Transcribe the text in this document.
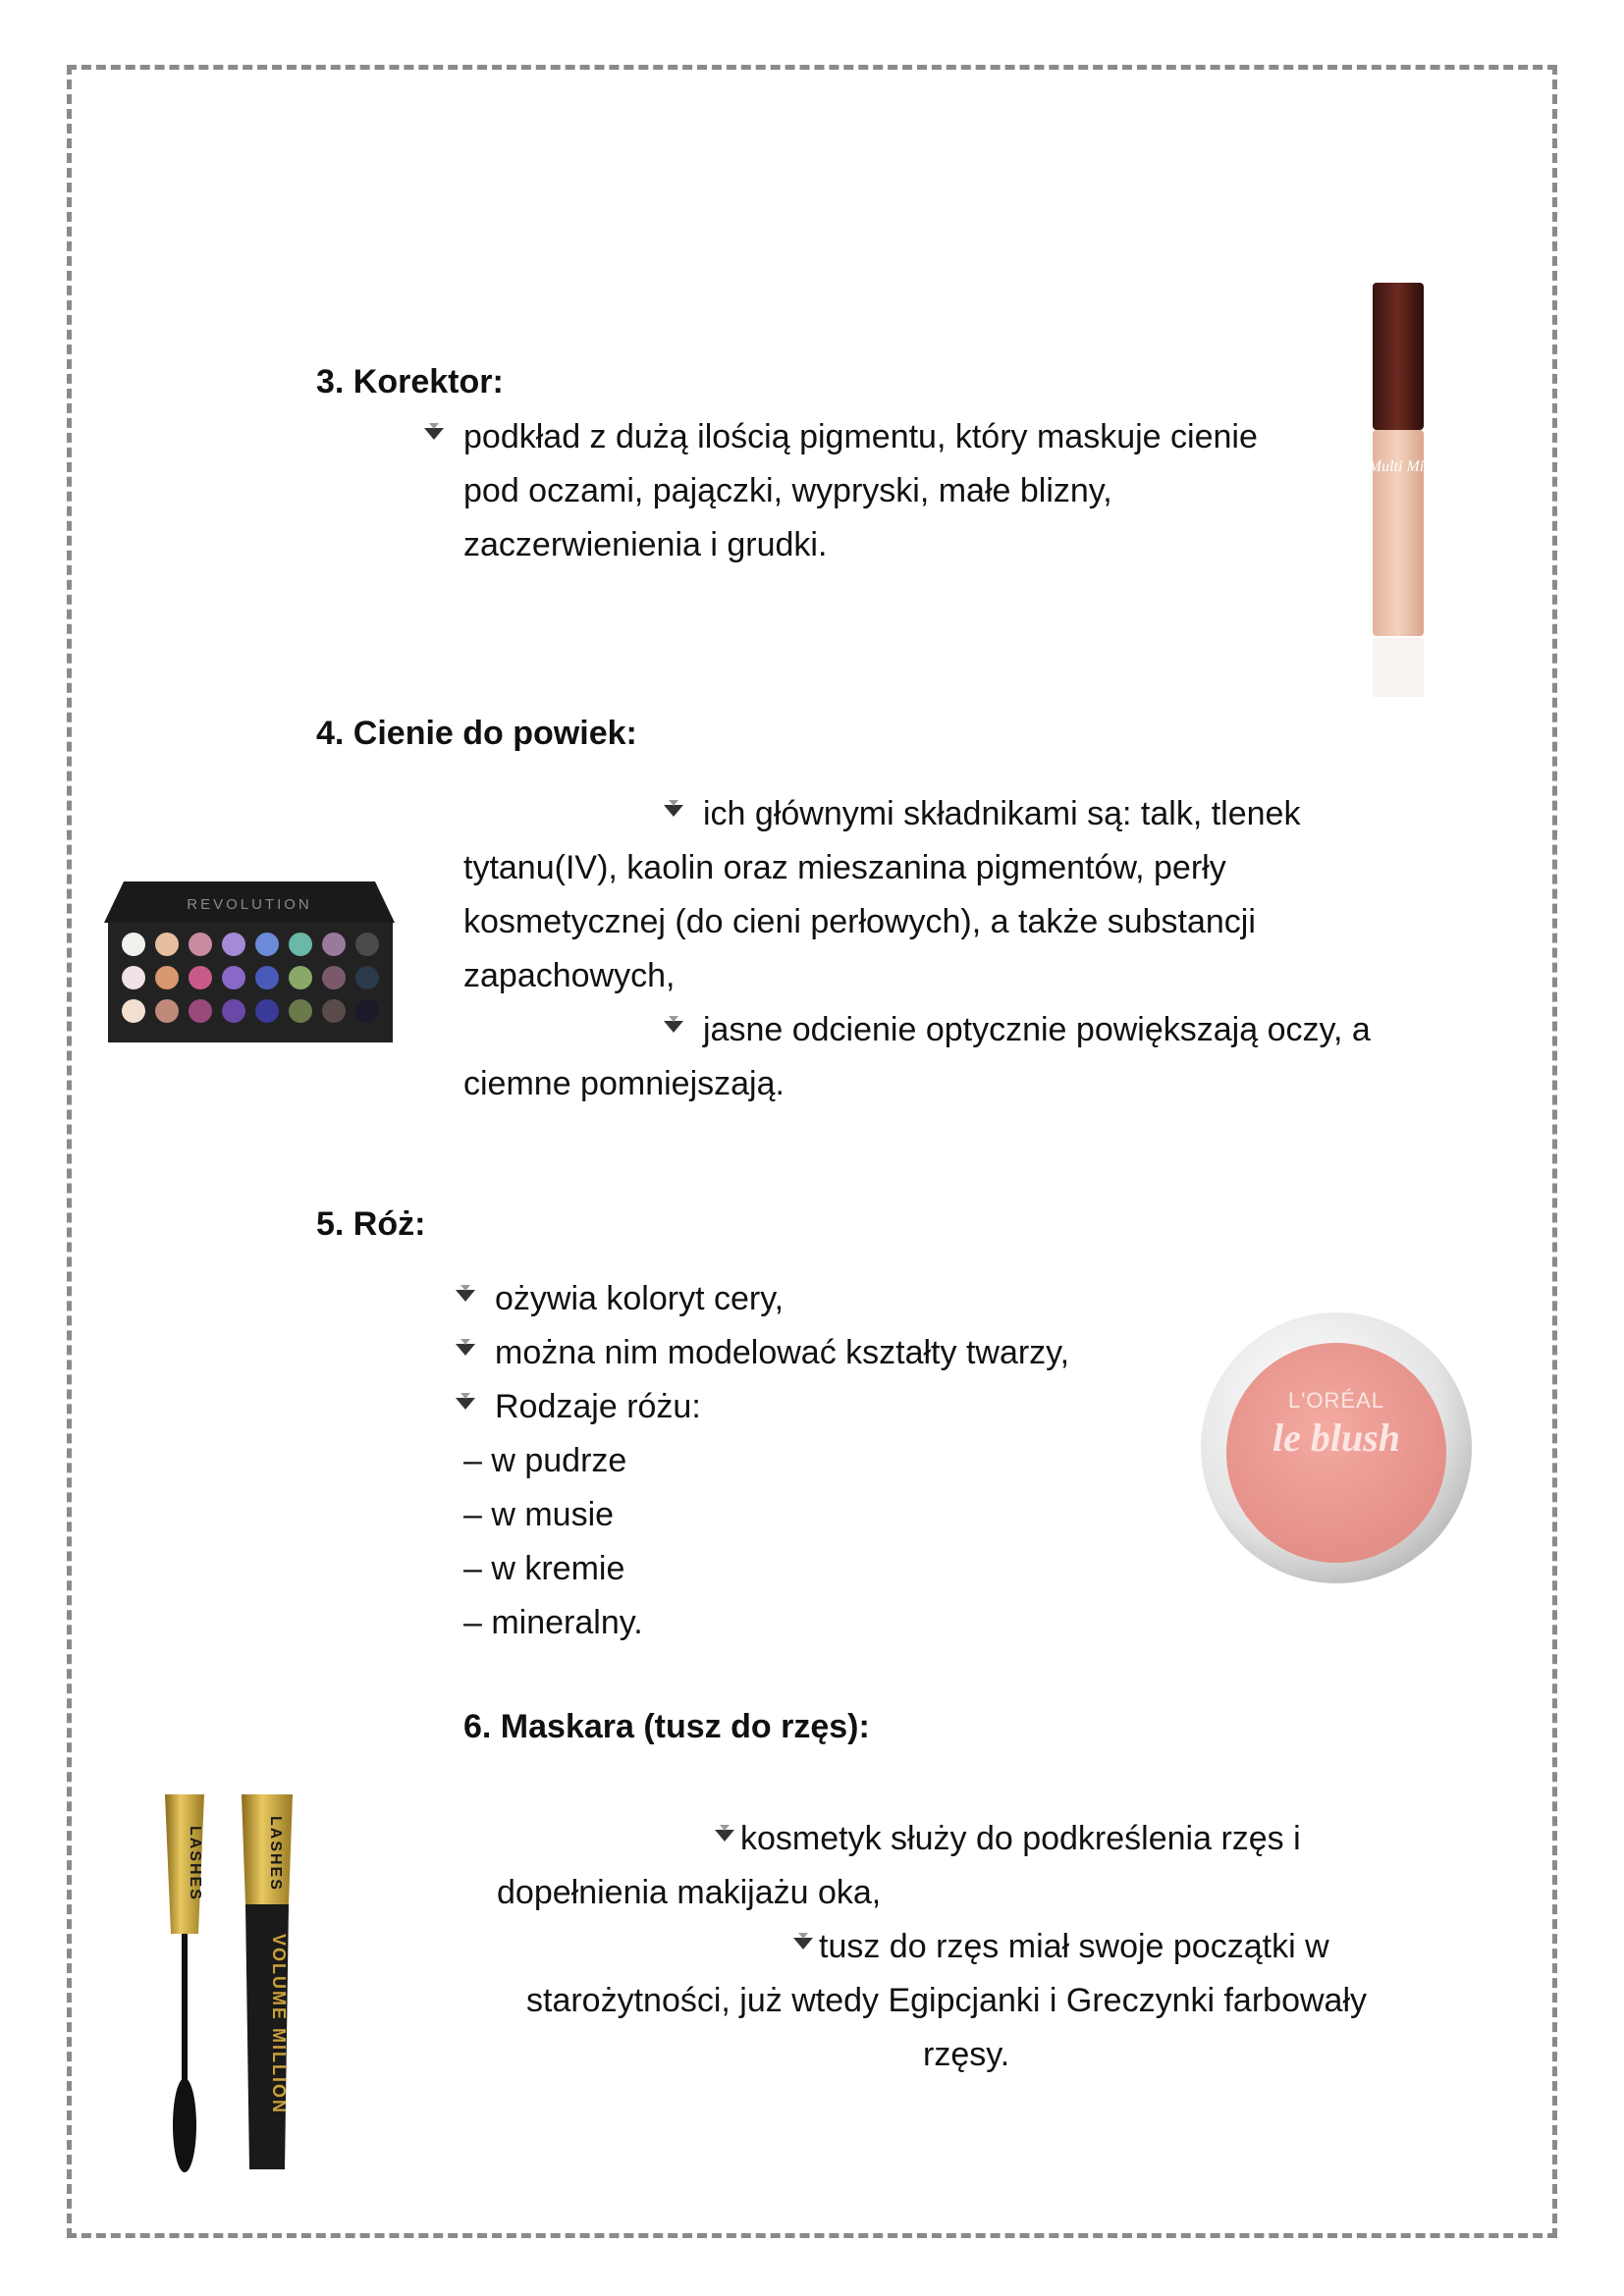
3. Korektor:
podkład z dużą ilością pigmentu, który maskuje cienie
pod oczami, pajączki, wypryski, małe blizny,
zaczerwienienia i grudki.
Bell Multi Mineral
4. Cienie do powiek:
ich głównymi składnikami są: talk, tlenek
tytanu(IV), kaolin oraz mieszanina pigmentów, perły
kosmetycznej (do cieni perłowych), a także substancji
zapachowych,
jasne odcienie optycznie powiększają oczy, a
ciemne pomniejszają.
REVOLUTION
5. Róż:
ożywia koloryt cery,
można nim modelować kształty twarzy,
Rodzaje różu:
– w pudrze
– w musie
– w kremie
– mineralny.
L'ORÉAL
le blush
6. Maskara (tusz do rzęs):
kosmetyk służy do podkreślenia rzęs i
dopełnienia makijażu oka,
tusz do rzęs miał swoje początki w
starożytności, już wtedy Egipcjanki i Greczynki farbowały
rzęsy.
LASHES	LASHES
VOLUME MILLION
